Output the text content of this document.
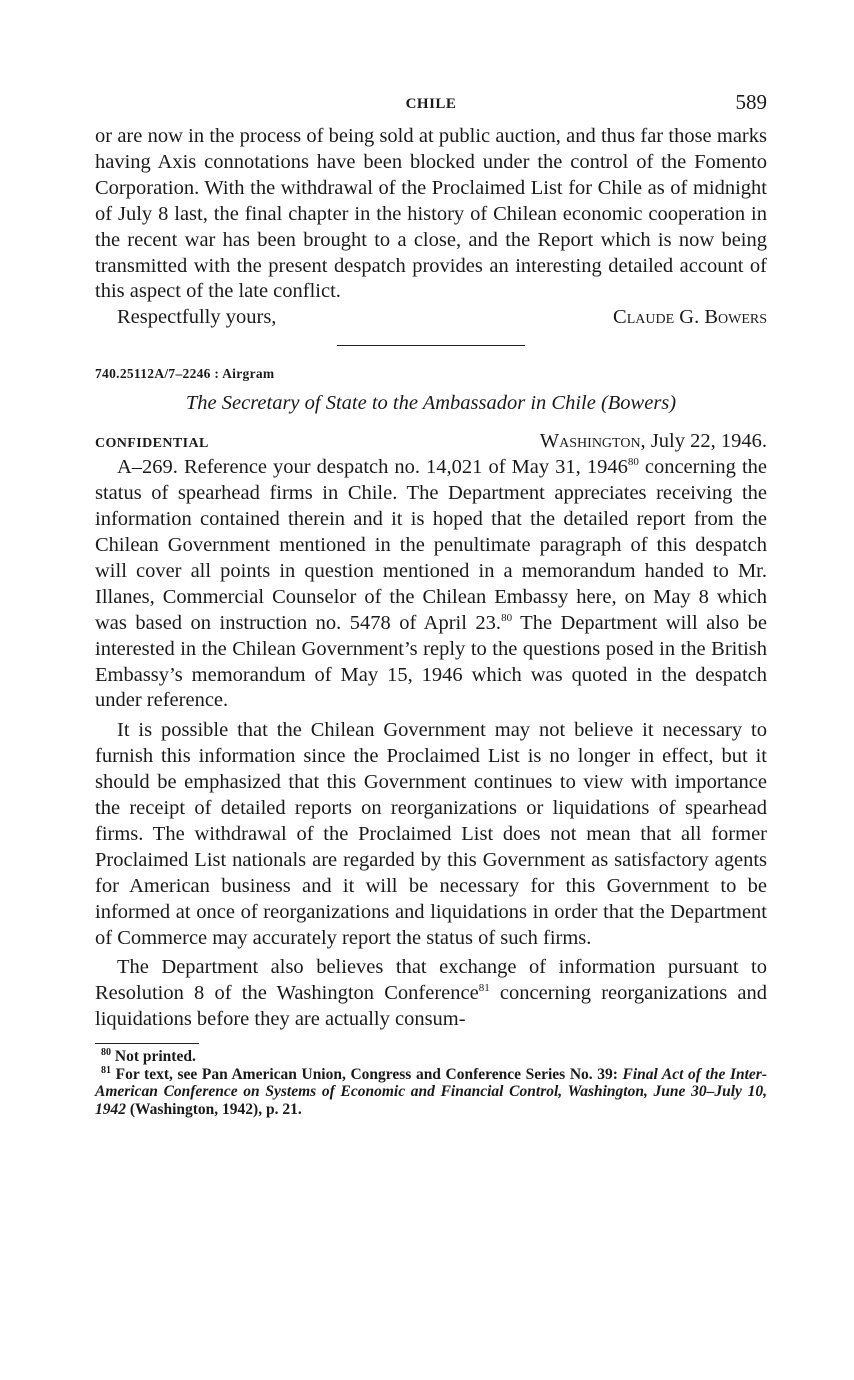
CHILE	589

or are now in the process of being sold at public auction, and thus far those marks having Axis connotations have been blocked under the control of the Fomento Corporation. With the withdrawal of the Proclaimed List for Chile as of midnight of July 8 last, the final chapter in the history of Chilean economic cooperation in the recent war has been brought to a close, and the Report which is now being transmitted with the present despatch provides an interesting detailed account of this aspect of the late conflict.

Respectfully yours,	Claude G. Bowers
740.25112A/7–2246 : Airgram
The Secretary of State to the Ambassador in Chile (Bowers)
CONFIDENTIAL	Washington, July 22, 1946.

A–269. Reference your despatch no. 14,021 of May 31, 1946$^{80}$ concerning the status of spearhead firms in Chile. The Department appreciates receiving the information contained therein and it is hoped that the detailed report from the Chilean Government mentioned in the penultimate paragraph of this despatch will cover all points in question mentioned in a memorandum handed to Mr. Illanes, Commercial Counselor of the Chilean Embassy here, on May 8 which was based on instruction no. 5478 of April 23.80 The Department will also be interested in the Chilean Government’s reply to the questions posed in the British Embassy’s memorandum of May 15, 1946 which was quoted in the despatch under reference.

It is possible that the Chilean Government may not believe it necessary to furnish this information since the Proclaimed List is no longer in effect, but it should be emphasized that this Government continues to view with importance the receipt of detailed reports on reorganizations or liquidations of spearhead firms. The withdrawal of the Proclaimed List does not mean that all former Proclaimed List nationals are regarded by this Government as satisfactory agents for American business and it will be necessary for this Government to be informed at once of reorganizations and liquidations in order that the Department of Commerce may accurately report the status of such firms.

The Department also believes that exchange of information pursuant to Resolution 8 of the Washington Conference$^{81}$ concerning reorganizations and liquidations before they are actually consum-

$^{80}$ Not printed.
$^{81}$ For text, see Pan American Union, Congress and Conference Series No. 39: Final Act of the Inter-American Conference on Systems of Economic and Financial Control, Washington, June 30–July 10, 1942 (Washington, 1942), p. 21.
